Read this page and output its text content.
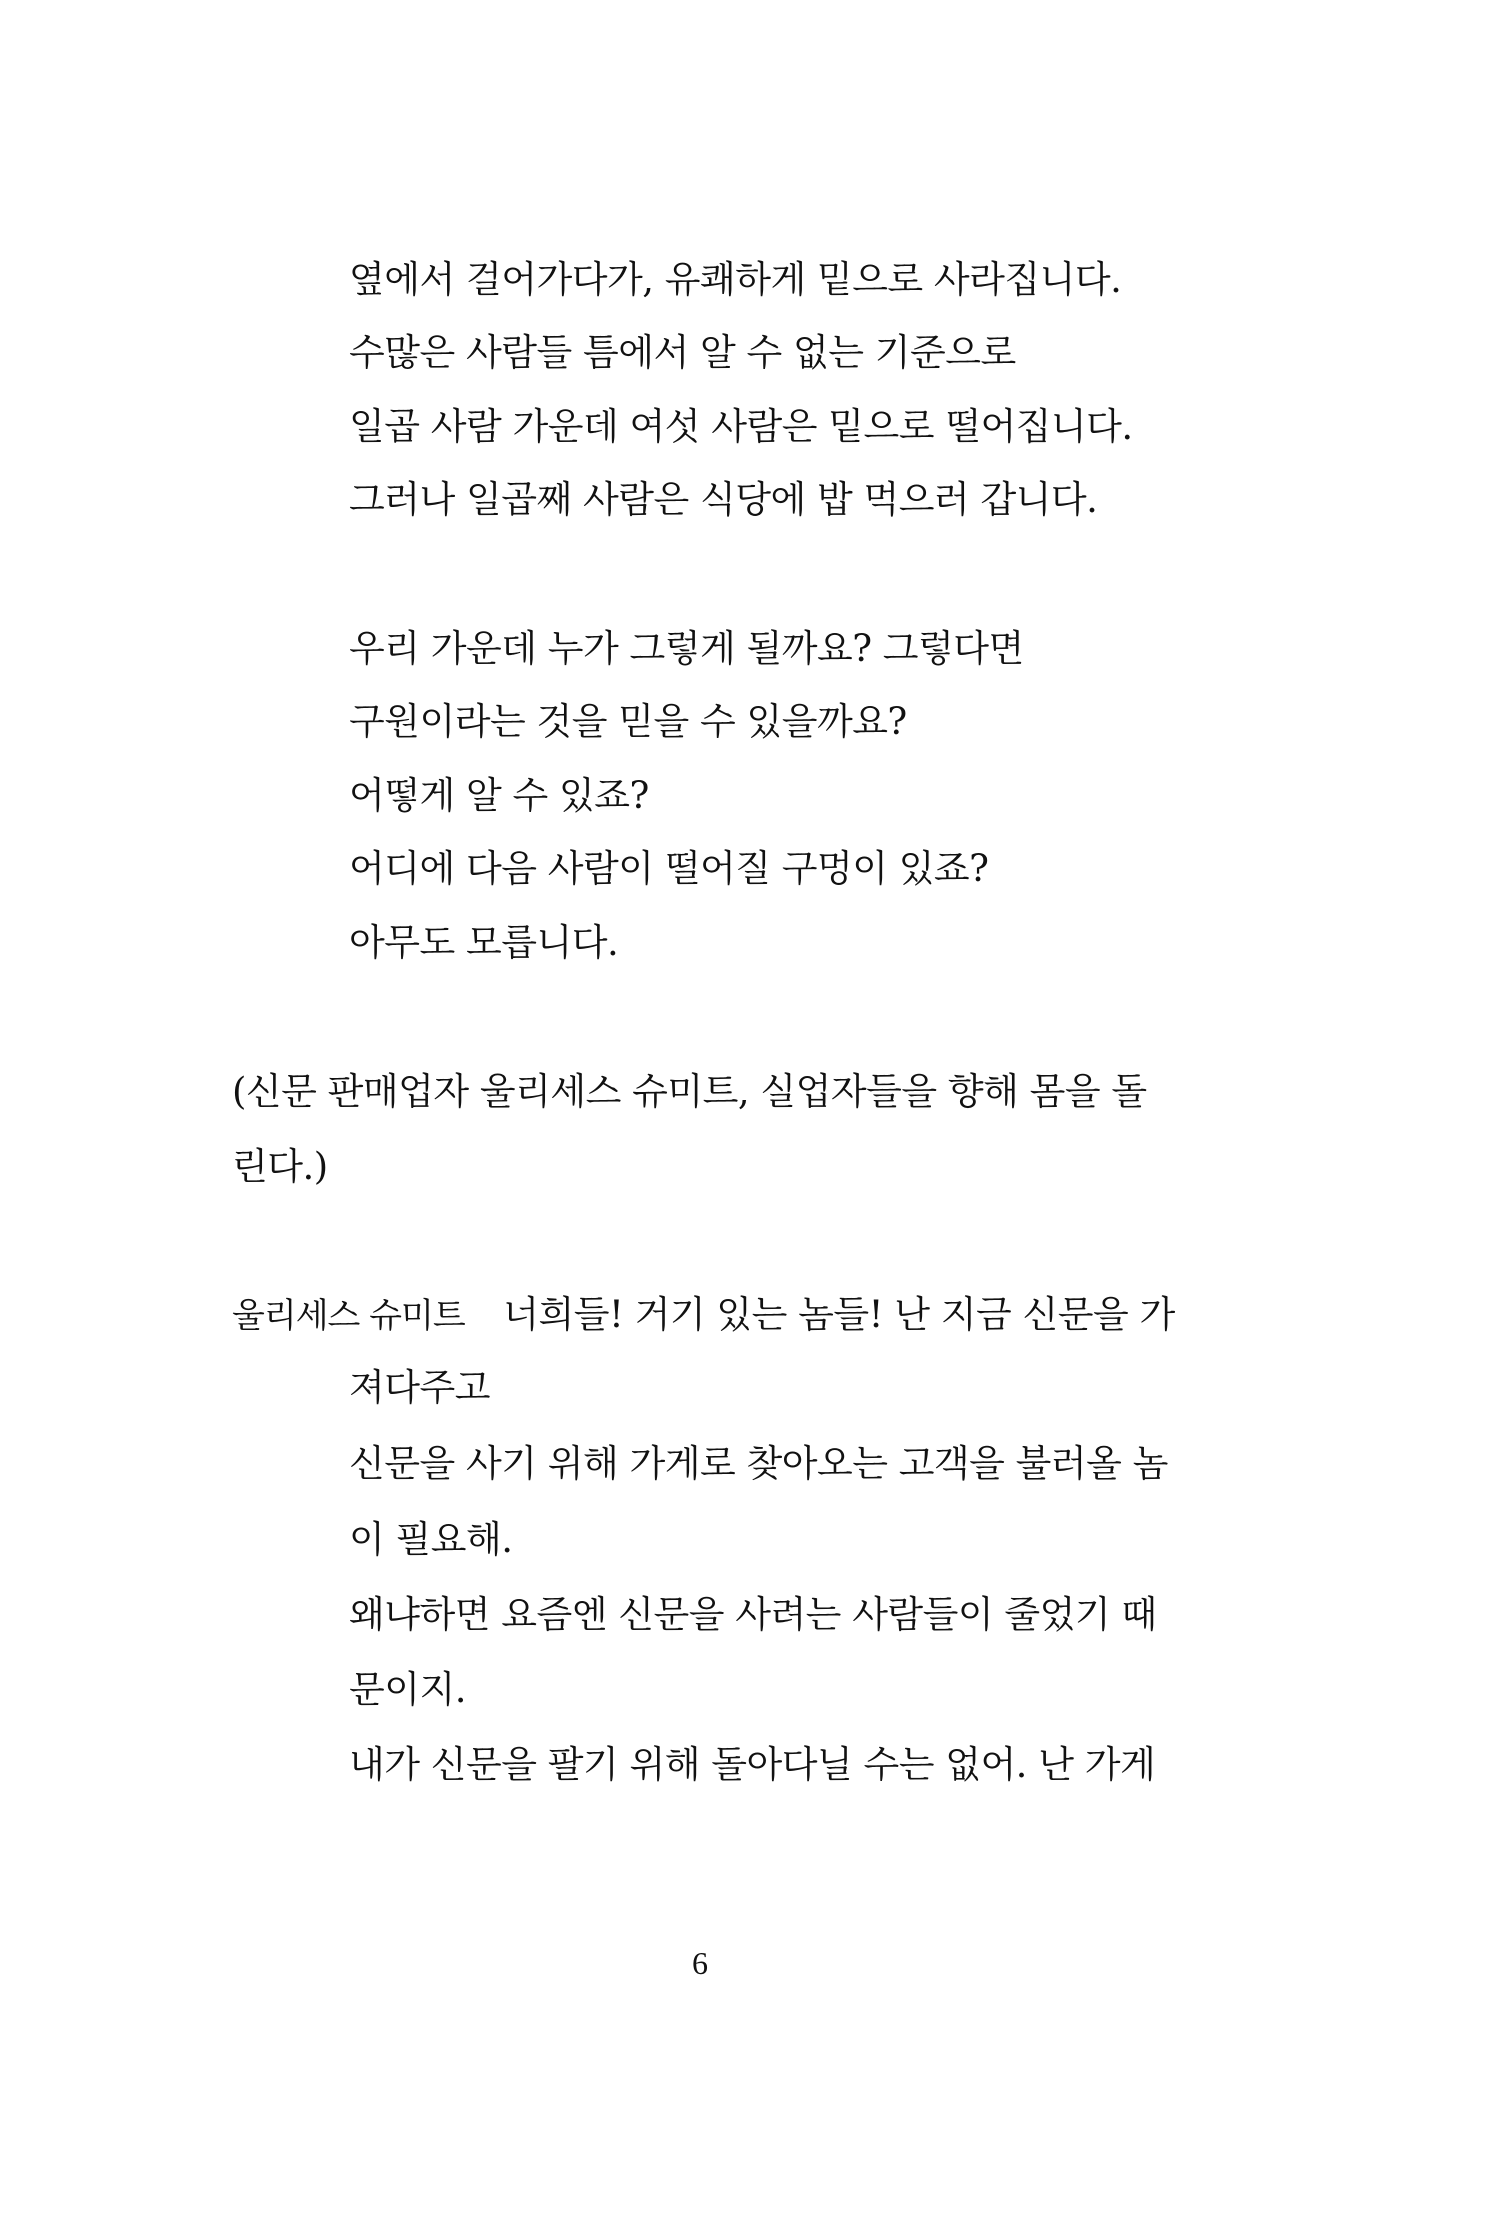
옆에서 걸어가다가, 유쾌하게 밑으로 사라집니다.
수많은 사람들 틈에서 알 수 없는 기준으로
일곱 사람 가운데 여섯 사람은 밑으로 떨어집니다.
그러나 일곱째 사람은 식당에 밥 먹으러 갑니다.
우리 가운데 누가 그렇게 될까요? 그렇다면
구원이라는 것을 믿을 수 있을까요?
어떻게 알 수 있죠?
어디에 다음 사람이 떨어질 구멍이 있죠?
아무도 모릅니다.
(신문 판매업자 울리세스 슈미트, 실업자들을 향해 몸을 돌
린다.)
울리세스 슈미트 너희들! 거기 있는 놈들! 난 지금 신문을 가
져다주고
신문을 사기 위해 가게로 찾아오는 고객을 불러올 놈
이 필요해.
왜냐하면 요즘엔 신문을 사려는 사람들이 줄었기 때
문이지.
내가 신문을 팔기 위해 돌아다닐 수는 없어. 난 가게
6
